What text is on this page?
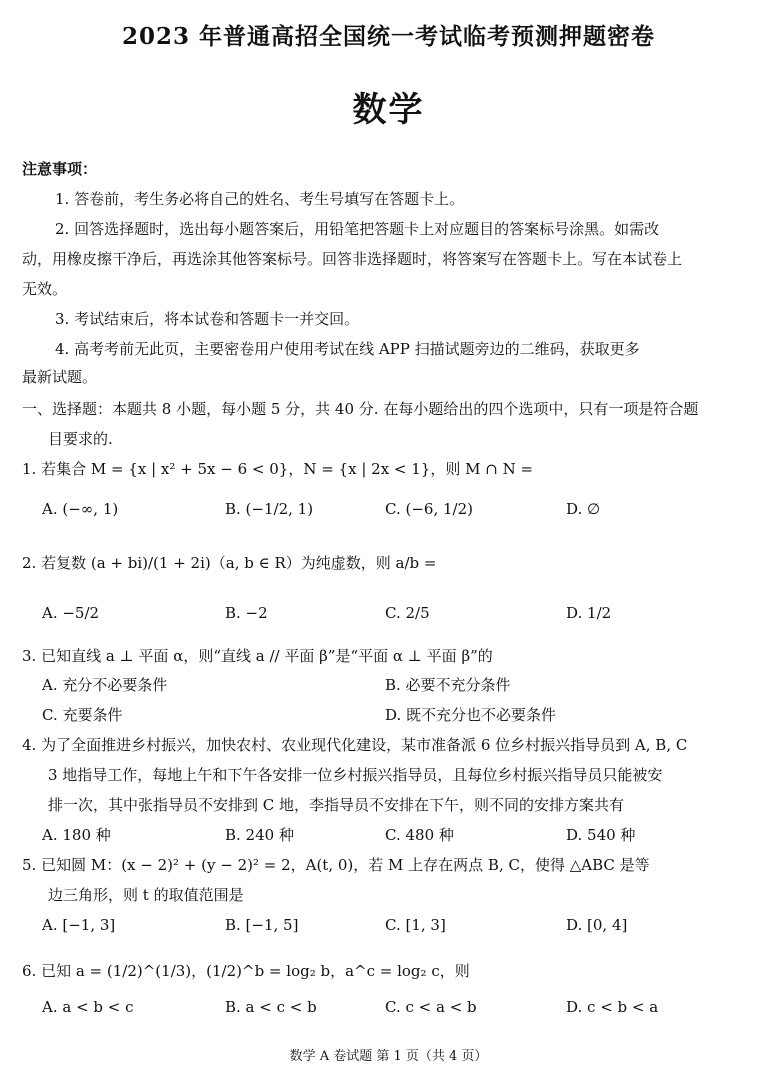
2023 年普通高招全国统一考试临考预测押题密卷
数学
注意事项：
1. 答卷前，考生务必将自己的姓名、考生号填写在答题卡上。
2. 回答选择题时，选出每小题答案后，用铅笔把答题卡上对应题目的答案标号涂黑。如需改
动，用橡皮擦干净后，再选涂其他答案标号。回答非选择题时，将答案写在答题卡上。写在本试卷上
无效。
3. 考试结束后，将本试卷和答题卡一并交回。
4. 高考考前无此页，主要密卷用户使用考试在线 APP 扫描试题旁边的二维码，获取更多
最新试题。
一、选择题：本题共 8 小题，每小题 5 分，共 40 分. 在每小题给出的四个选项中，只有一项是符合题
目要求的.
1. 若集合 M = {x | x² + 5x − 6 < 0}，N = {x | 2x < 1}，则 M ∩ N =
A. (−∞, 1)	B. (−1/2, 1)	C. (−6, 1/2)	D. ∅
2. 若复数 (a + bi)/(1 + 2i)（a, b ∈ R）为纯虚数，则 a/b =
A. −5/2	B. −2	C. 2/5	D. 1/2
3. 已知直线 a ⊥ 平面 α，则“直线 a // 平面 β”是“平面 α ⊥ 平面 β”的
A. 充分不必要条件	B. 必要不充分条件
C. 充要条件	D. 既不充分也不必要条件
4. 为了全面推进乡村振兴，加快农村、农业现代化建设，某市准备派 6 位乡村振兴指导员到 A, B, C
3 地指导工作，每地上午和下午各安排一位乡村振兴指导员，且每位乡村振兴指导员只能被安
排一次，其中张指导员不安排到 C 地，李指导员不安排在下午，则不同的安排方案共有
A. 180 种	B. 240 种	C. 480 种	D. 540 种
5. 已知圆 M：(x − 2)² + (y − 2)² = 2，A(t, 0)，若 M 上存在两点 B, C，使得 △ABC 是等
边三角形，则 t 的取值范围是
A. [−1, 3]	B. [−1, 5]	C. [1, 3]	D. [0, 4]
6. 已知 a = (1/2)^(1/3)，(1/2)^b = log₂ b，a^c = log₂ c，则
A. a < b < c	B. a < c < b	C. c < a < b	D. c < b < a
数学 A 卷试题 第 1 页（共 4 页）
